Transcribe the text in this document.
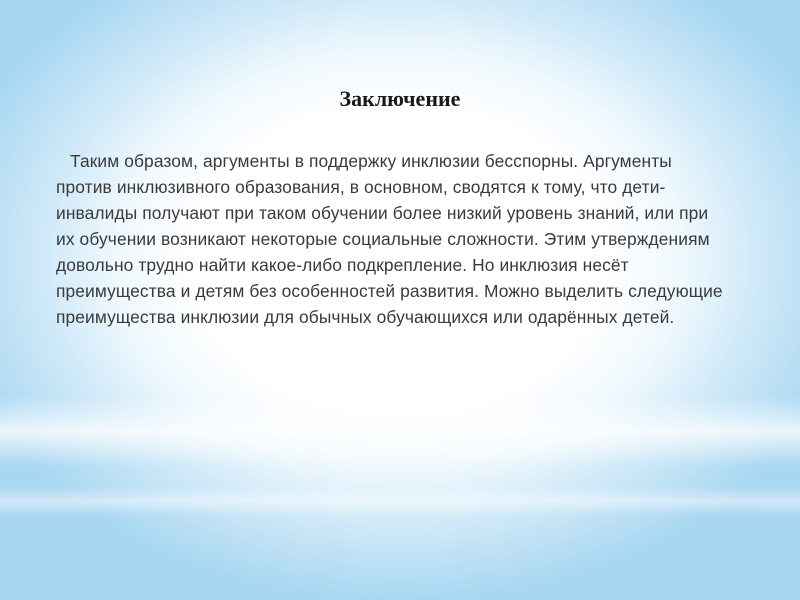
Заключение

Таким образом, аргументы в поддержку инклюзии бесспорны. Аргументы против инклюзивного образования, в основном, сводятся к тому, что дети-инвалиды получают при таком обучении более низкий уровень знаний, или при их обучении возникают некоторые социальные сложности. Этим утверждениям довольно трудно найти какое-либо подкрепление. Но инклюзия несёт преимущества и детям без особенностей развития. Можно выделить следующие преимущества инклюзии для обычных обучающихся или одарённых детей.
